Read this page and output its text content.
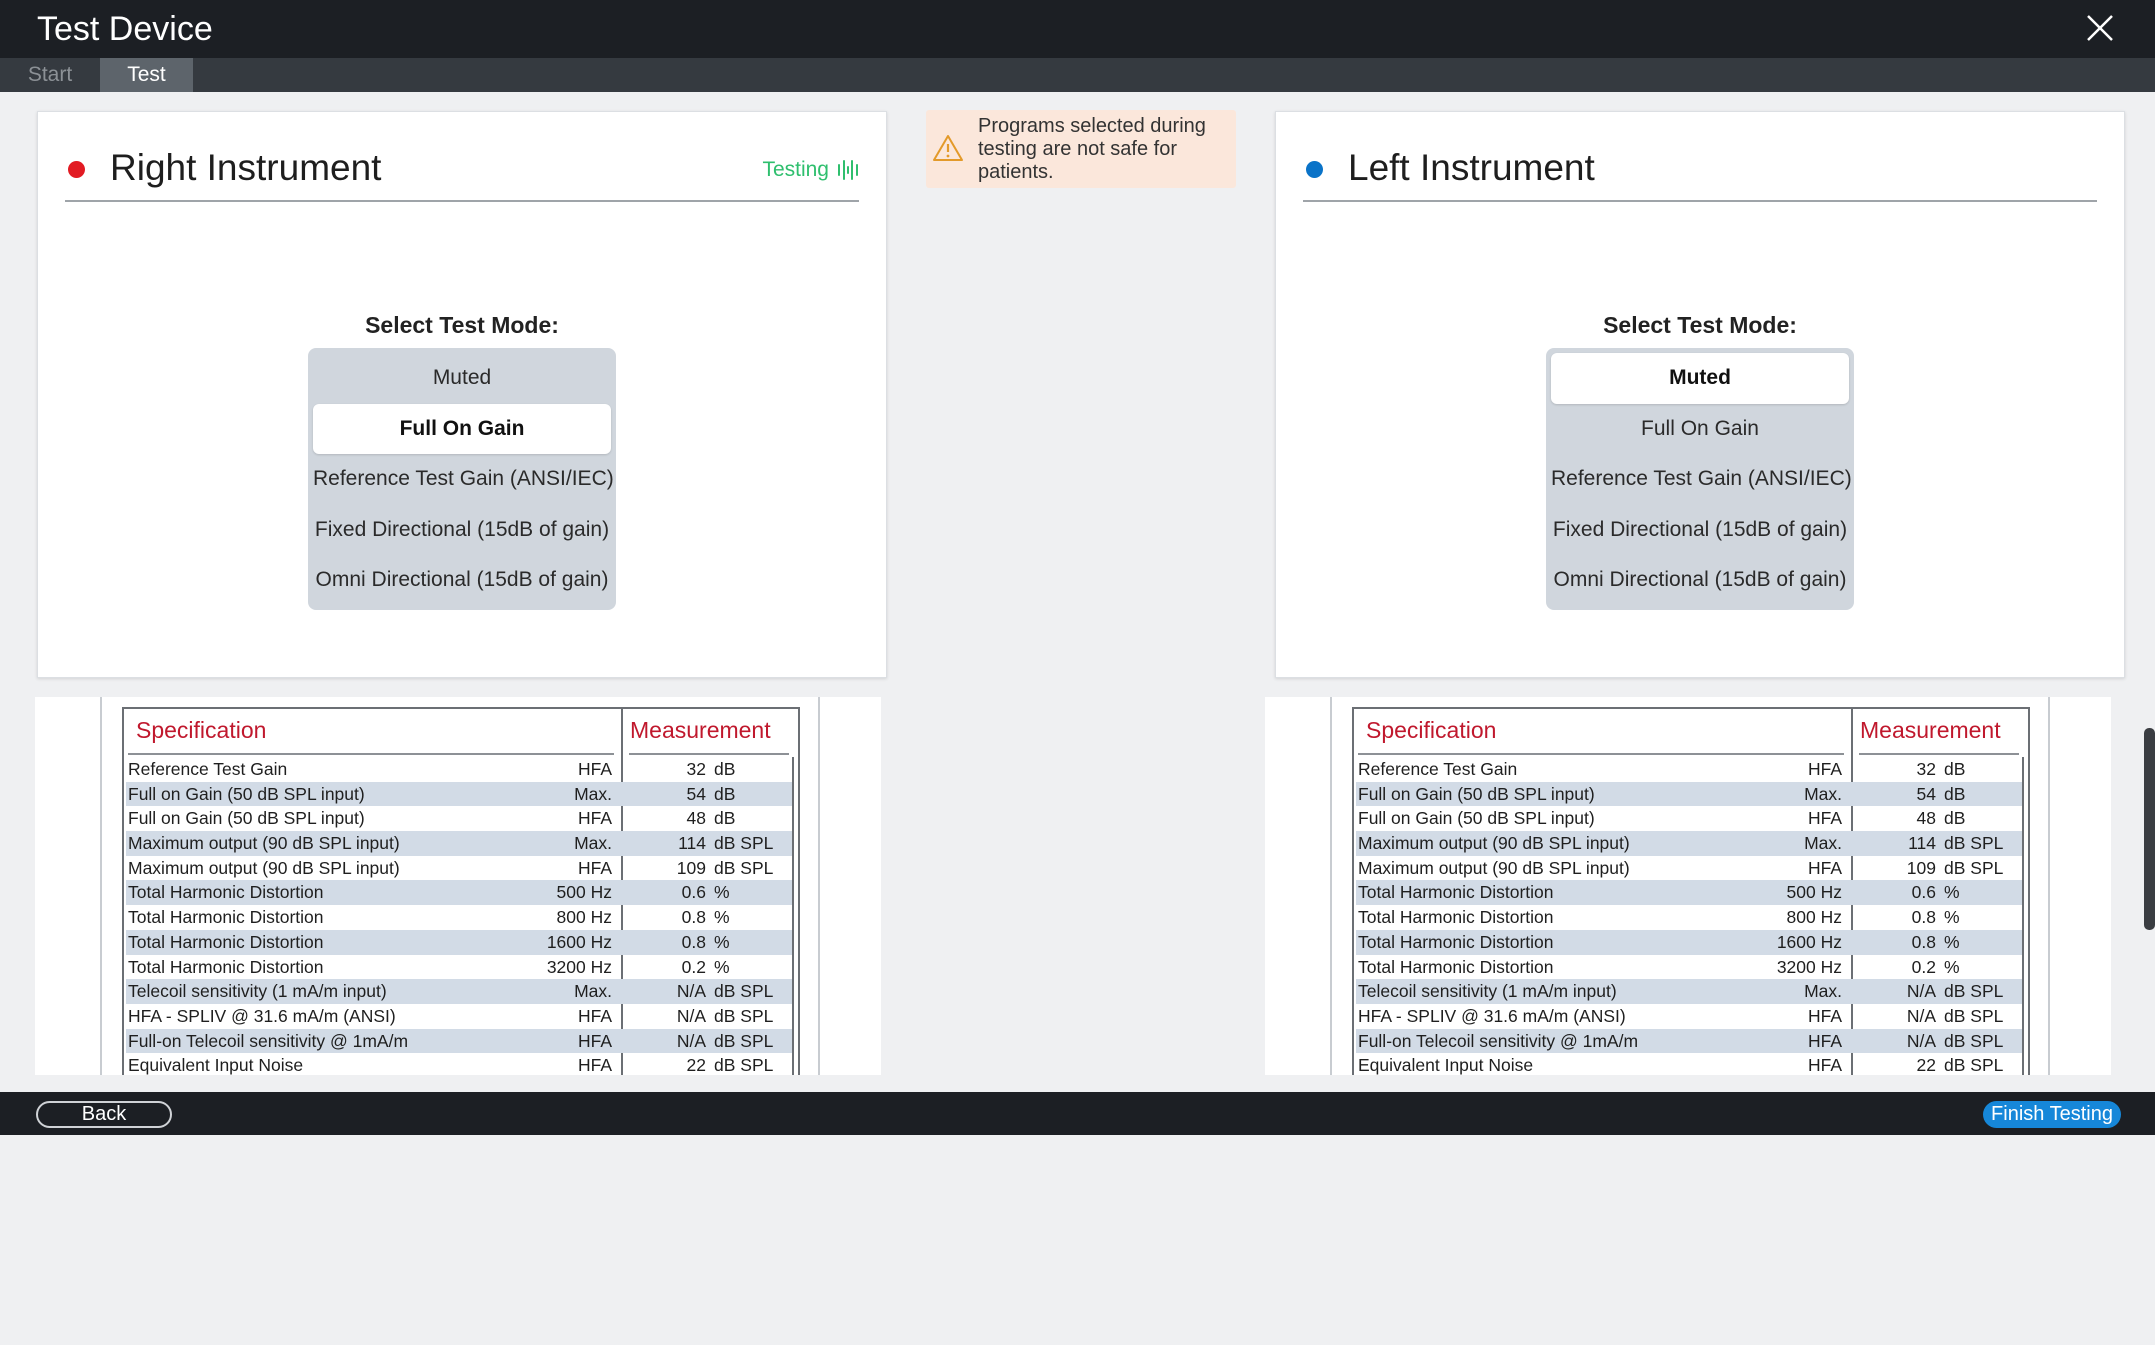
Test Device
Start	Test
Right Instrument	Testing
Select Test Mode:
Muted
Full On Gain
Reference Test Gain (ANSI/IEC)
Fixed Directional (15dB of gain)
Omni Directional (15dB of gain)
Programs selected during testing are not safe for patients.	Left Instrument
Select Test Mode:
Muted
Full On Gain
Reference Test Gain (ANSI/IEC)
Fixed Directional (15dB of gain)
Omni Directional (15dB of gain)
Specification	Measurement
Reference Test Gain	HFA	32 dB
Full on Gain (50 dB SPL input)	Max.	54 dB
Full on Gain (50 dB SPL input)	HFA	48 dB
Maximum output (90 dB SPL input)	Max.	114 dB SPL
Maximum output (90 dB SPL input)	HFA	109 dB SPL
Total Harmonic Distortion	500 Hz	0.6 %
Total Harmonic Distortion	800 Hz	0.8 %
Total Harmonic Distortion	1600 Hz	0.8 %
Total Harmonic Distortion	3200 Hz	0.2 %
Telecoil sensitivity (1 mA/m input)	Max.	N/A dB SPL
HFA - SPLIV @ 31.6 mA/m (ANSI)	HFA	N/A dB SPL
Full-on Telecoil sensitivity @ 1mA/m	HFA	N/A dB SPL
Equivalent Input Noise	HFA	22 dB SPL
Specification	Measurement
Reference Test Gain	HFA	32 dB
Full on Gain (50 dB SPL input)	Max.	54 dB
Full on Gain (50 dB SPL input)	HFA	48 dB
Maximum output (90 dB SPL input)	Max.	114 dB SPL
Maximum output (90 dB SPL input)	HFA	109 dB SPL
Total Harmonic Distortion	500 Hz	0.6 %
Total Harmonic Distortion	800 Hz	0.8 %
Total Harmonic Distortion	1600 Hz	0.8 %
Total Harmonic Distortion	3200 Hz	0.2 %
Telecoil sensitivity (1 mA/m input)	Max.	N/A dB SPL
HFA - SPLIV @ 31.6 mA/m (ANSI)	HFA	N/A dB SPL
Full-on Telecoil sensitivity @ 1mA/m	HFA	N/A dB SPL
Equivalent Input Noise	HFA	22 dB SPL
Back	Finish Testing
